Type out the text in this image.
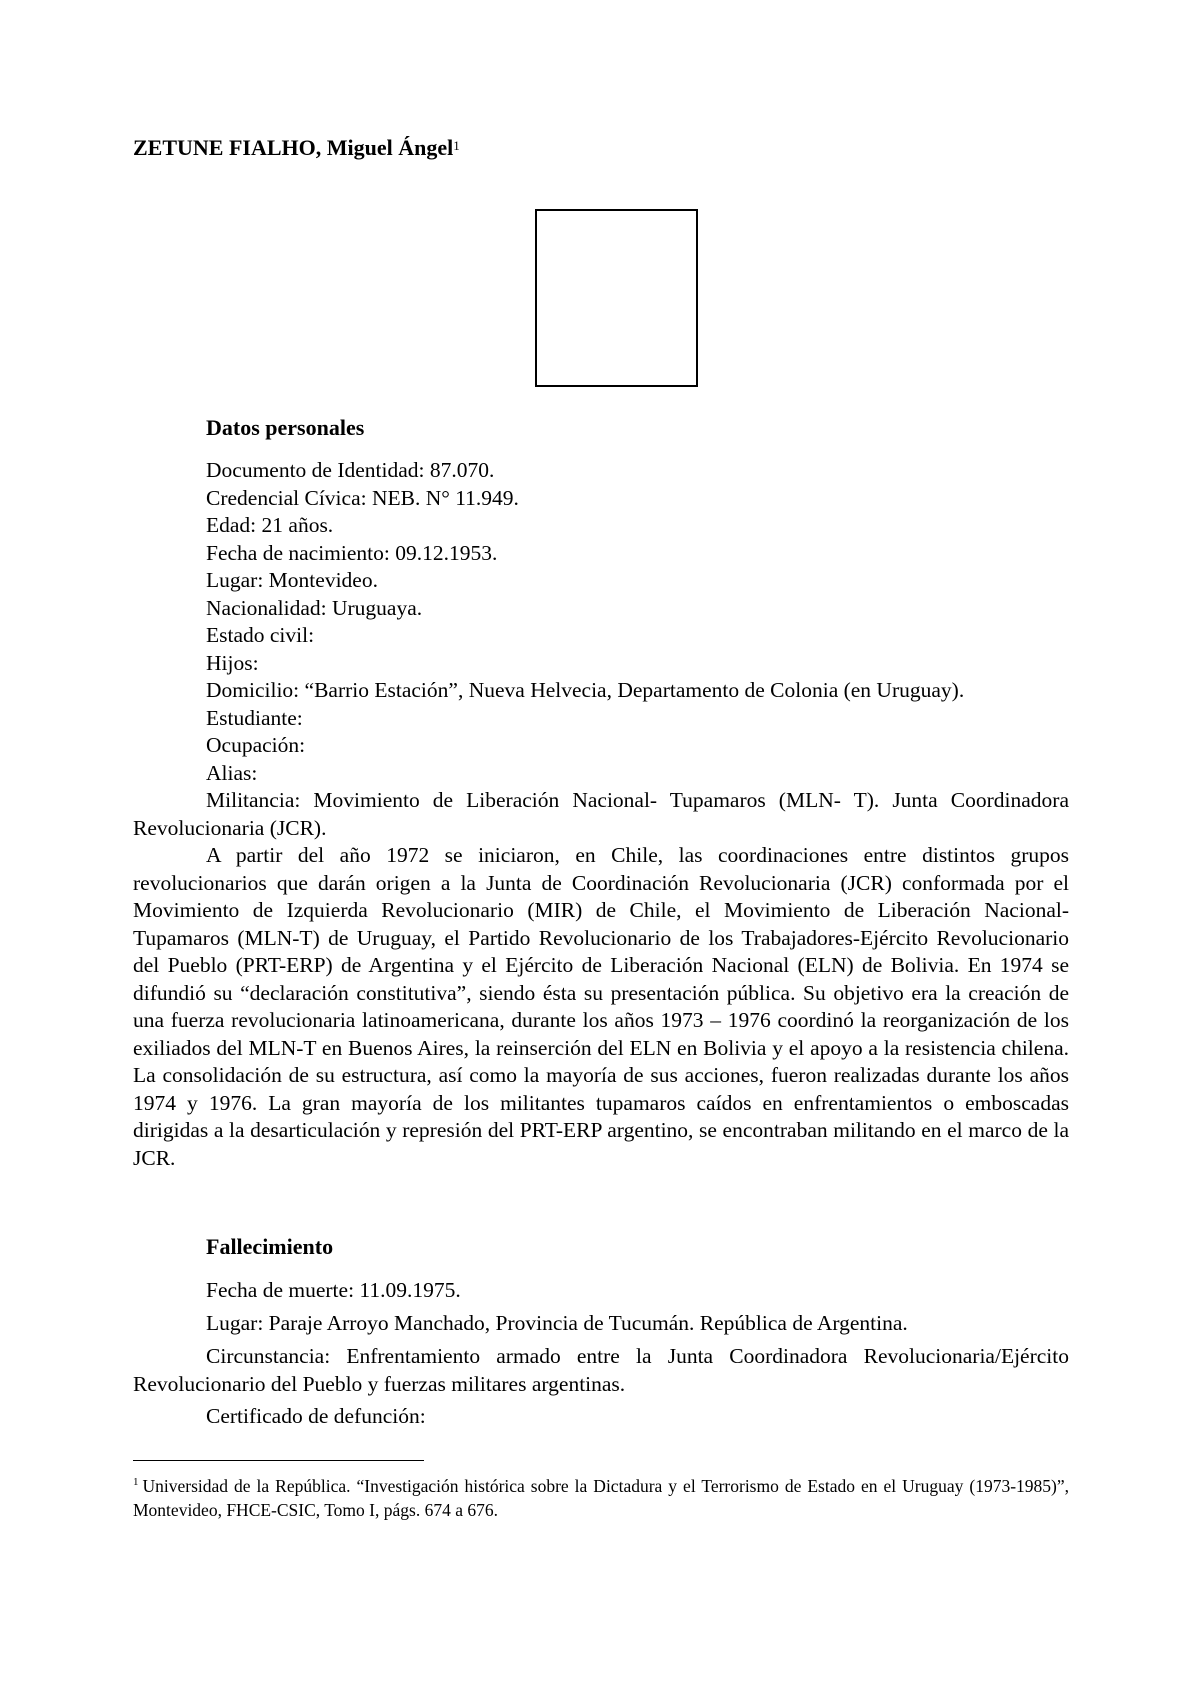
ZETUNE FIALHO, Miguel Ángel$^1$
Datos personales
Documento de Identidad: 87.070.
Credencial Cívica: NEB. N° 11.949.
Edad: 21 años.
Fecha de nacimiento: 09.12.1953.
Lugar: Montevideo.
Nacionalidad: Uruguaya.
Estado civil:
Hijos:
Domicilio: “Barrio Estación”, Nueva Helvecia, Departamento de Colonia (en Uruguay).
Estudiante:
Ocupación:
Alias:
Militancia: Movimiento de Liberación Nacional- Tupamaros (MLN- T). Junta Coordinadora Revolucionaria (JCR).
A partir del año 1972 se iniciaron, en Chile, las coordinaciones entre distintos grupos revolucionarios que darán origen a la Junta de Coordinación Revolucionaria (JCR) conformada por el Movimiento de Izquierda Revolucionario (MIR) de Chile, el Movimiento de Liberación Nacional-Tupamaros (MLN-T) de Uruguay, el Partido Revolucionario de los Trabajadores-Ejército Revolucionario del Pueblo (PRT-ERP) de Argentina y el Ejército de Liberación Nacional (ELN) de Bolivia. En 1974 se difundió su “declaración constitutiva”, siendo ésta su presentación pública. Su objetivo era la creación de una fuerza revolucionaria latinoamericana, durante los años 1973 – 1976 coordinó la reorganización de los exiliados del MLN-T en Buenos Aires, la reinserción del ELN en Bolivia y el apoyo a la resistencia chilena. La consolidación de su estructura, así como la mayoría de sus acciones, fueron realizadas durante los años 1974 y 1976. La gran mayoría de los militantes tupamaros caídos en enfrentamientos o emboscadas dirigidas a la desarticulación y represión del PRT-ERP argentino, se encontraban militando en el marco de la JCR.
Fallecimiento
Fecha de muerte: 11.09.1975.
Lugar: Paraje Arroyo Manchado, Provincia de Tucumán. República de Argentina.
Circunstancia: Enfrentamiento armado entre la Junta Coordinadora Revolucionaria/Ejército Revolucionario del Pueblo y fuerzas militares argentinas.
Certificado de defunción:
$^1$ Universidad de la República. “Investigación histórica sobre la Dictadura y el Terrorismo de Estado en el Uruguay (1973-1985)”, Montevideo, FHCE-CSIC, Tomo I, págs. 674 a 676.
